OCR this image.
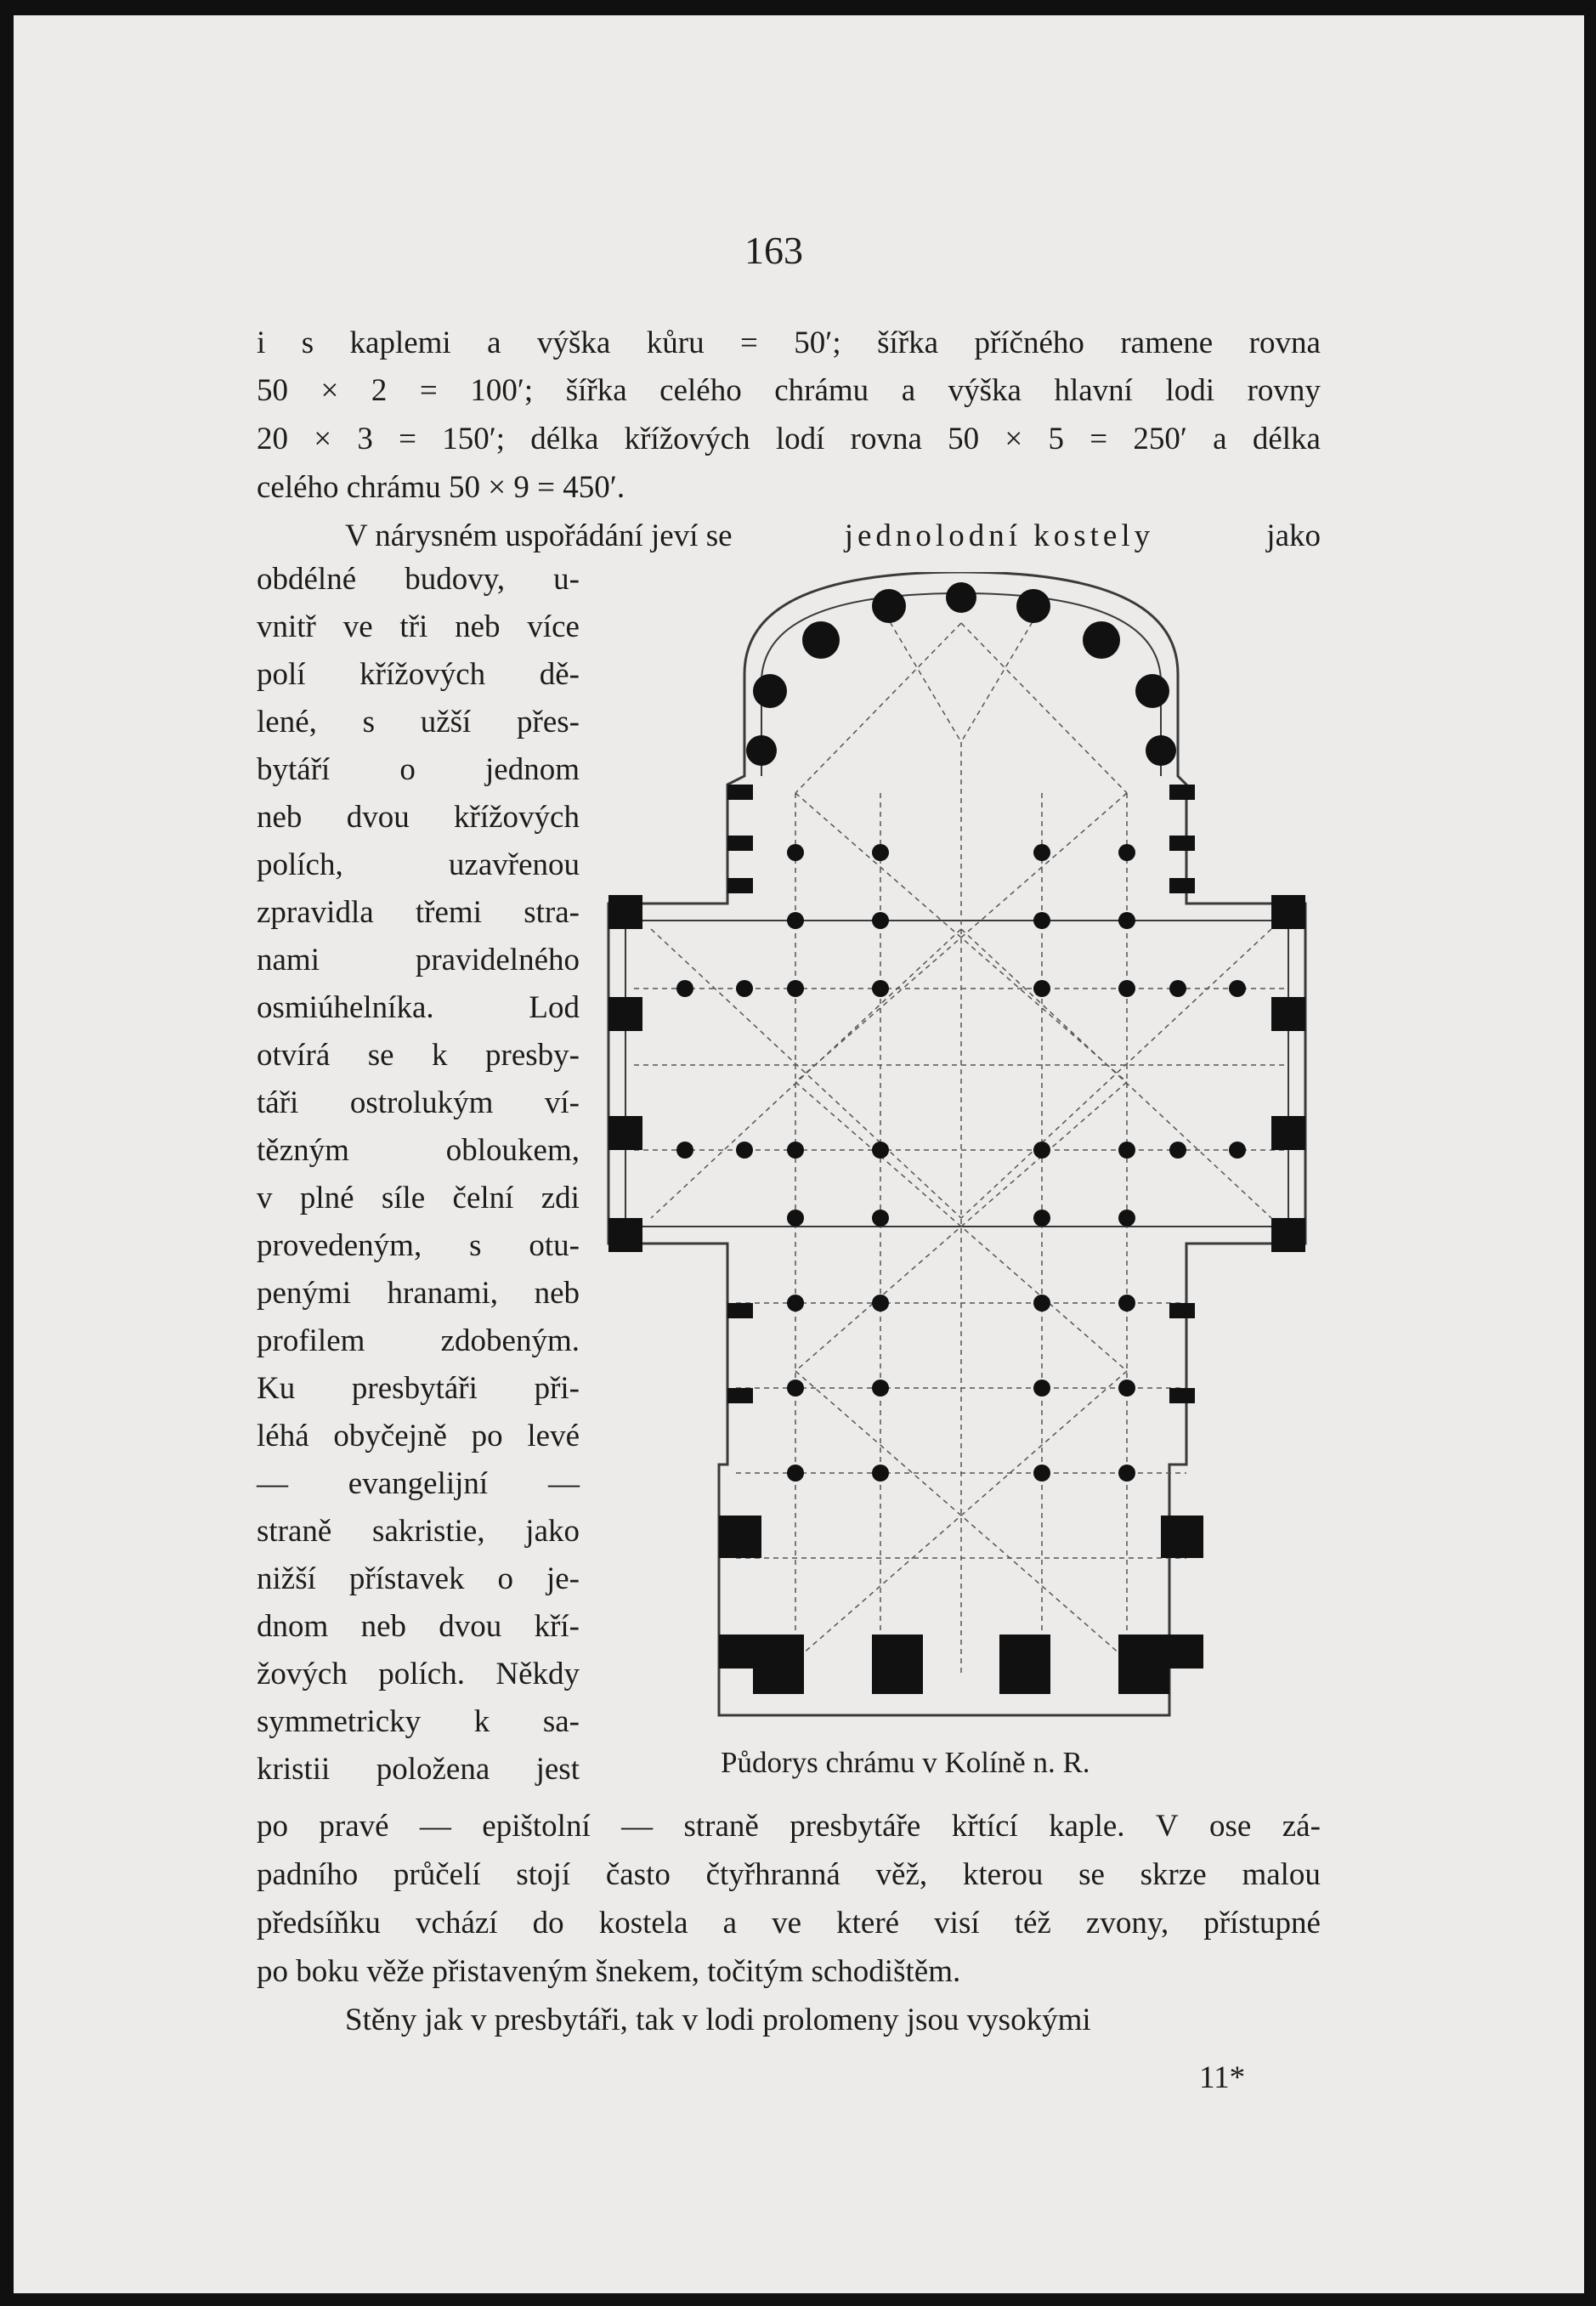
163
i s kaplemi a výška kůru = 50′; šířka příčného ramene rovna
50 × 2 = 100′; šířka celého chrámu a výška hlavní lodi rovny
20 × 3 = 150′; délka křížových lodí rovna 50 × 5 = 250′ a délka
celého chrámu 50 × 9 = 450′.
V nárysném uspořádání jeví se	jednolodní kostely	jako
obdélné budovy, u-
vnitř ve tři neb více
polí křížových dě-
lené, s užší přes-
bytáří o jednom
neb dvou křížových
polích,	uzavřenou
zpravidla třemi stra-
nami	pravidelného
osmiúhelníka.	Lod
otvírá se k presby-
táři ostrolukým ví-
tězným	obloukem,
v plné síle čelní zdi
provedeným, s otu-
penými hranami, neb
profilem zdobeným.
Ku presbytáři při-
léhá obyčejně po levé
— evangelijní —
straně sakristie, jako
nižší přístavek o je-
dnom neb dvou kří-
žových polích. Někdy
symmetricky k sa-
kristii položena jest	Půdorys chrámu v Kolíně n. R.
po pravé — epištolní — straně presbytáře křtící kaple. V ose zá-
padního průčelí stojí často čtyřhranná věž, kterou se skrze malou
předsíňku vchází do kostela a ve které visí též zvony, přístupné
po boku věže přistaveným šnekem, točitým schodištěm.
Stěny jak v presbytáři, tak v lodi prolomeny jsou vysokými
11*
